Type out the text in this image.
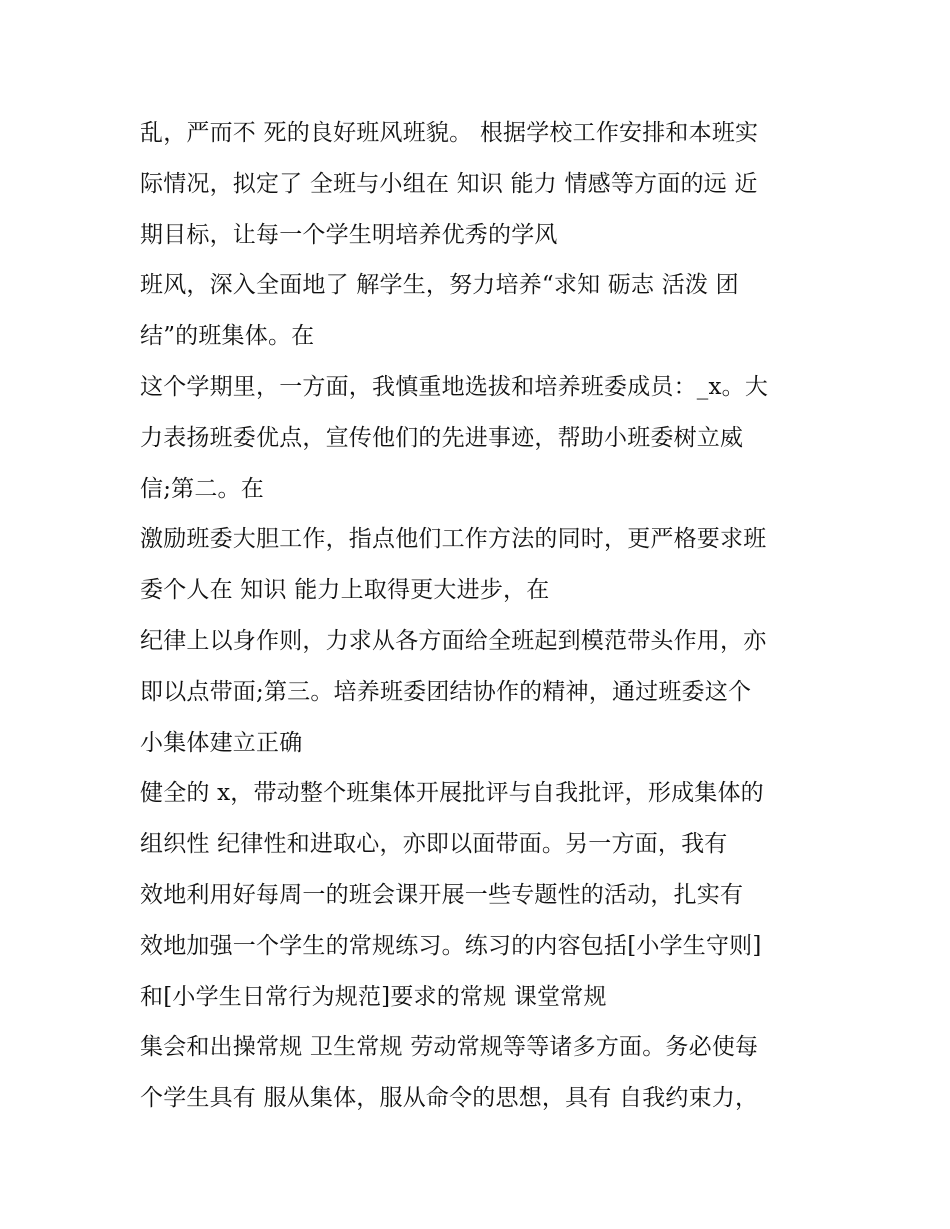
乱，严而不 死的良好班风班貌。 根据学校工作安排和本班实
际情况，拟定了 全班与小组在 知识 能力 情感等方面的远 近
期目标，让每一个学生明培养优秀的学风
班风，深入全面地了 解学生，努力培养“求知 砺志 活泼 团
结”的班集体。在
这个学期里，一方面，我慎重地选拔和培养班委成员：_x。大
力表扬班委优点，宣传他们的先进事迹，帮助小班委树立威
信;第二。在
激励班委大胆工作，指点他们工作方法的同时，更严格要求班
委个人在 知识 能力上取得更大进步，在
纪律上以身作则，力求从各方面给全班起到模范带头作用，亦
即以点带面;第三。培养班委团结协作的精神，通过班委这个
小集体建立正确
健全的 x，带动整个班集体开展批评与自我批评，形成集体的
组织性 纪律性和进取心，亦即以面带面。另一方面，我有
效地利用好每周一的班会课开展一些专题性的活动，扎实有
效地加强一个学生的常规练习。练习的内容包括[小学生守则]
和[小学生日常行为规范]要求的常规 课堂常规
集会和出操常规 卫生常规 劳动常规等等诸多方面。务必使每
个学生具有 服从集体，服从命令的思想，具有 自我约束力，
